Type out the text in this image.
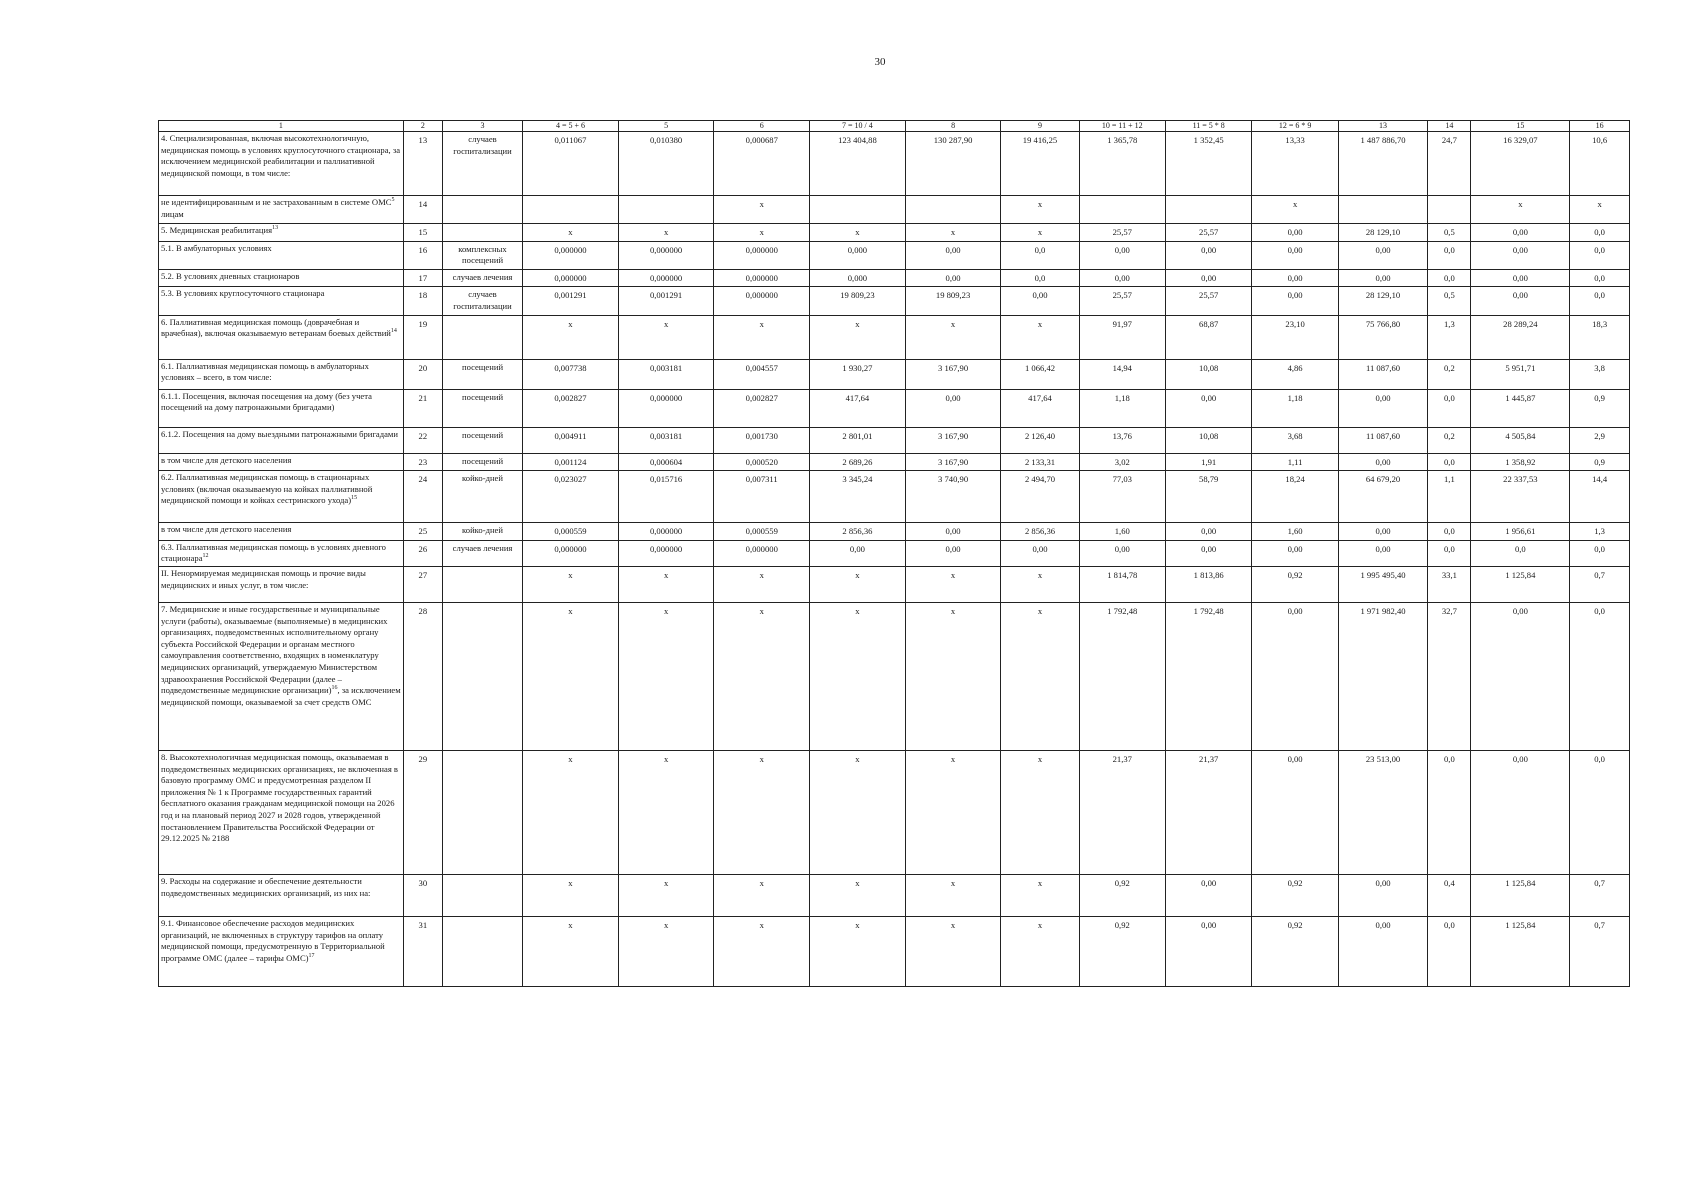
30
1	2	3	4 = 5 + 6	5	6	7 = 10 / 4	8	9	10 = 11 + 12	11 = 5 * 8	12 = 6 * 9	13	14	15	16
4. Специализированная, включая высокотехнологичную, медицинская помощь в условиях круглосуточного стационара, за исключением медицинской реабилитации и паллиативной медицинской помощи, в том числе:	13	случаев госпитализации	0,011067	0,010380	0,000687	123 404,88	130 287,90	19 416,25	1 365,78	1 352,45	13,33	1 487 886,70	24,7	16 329,07	10,6
не идентифицированным и не застрахованным в системе ОМС$^5$ лицам	14				x			x			x			x	x
5. Медицинская реабилитация$^{13}$	15		x	x	x	x	x	x	25,57	25,57	0,00	28 129,10	0,5	0,00	0,0
5.1. В амбулаторных условиях	16	комплексных посещений	0,000000	0,000000	0,000000	0,000	0,00	0,0	0,00	0,00	0,00	0,00	0,0	0,00	0,0
5.2. В условиях дневных стационаров	17	случаев лечения	0,000000	0,000000	0,000000	0,000	0,00	0,0	0,00	0,00	0,00	0,00	0,0	0,00	0,0
5.3. В условиях круглосуточного стационара	18	случаев госпитализации	0,001291	0,001291	0,000000	19 809,23	19 809,23	0,00	25,57	25,57	0,00	28 129,10	0,5	0,00	0,0
6. Паллиативная медицинская помощь (доврачебная и врачебная), включая оказываемую ветеранам боевых действий$^{14}$	19		x	x	x	x	x	x	91,97	68,87	23,10	75 766,80	1,3	28 289,24	18,3
6.1. Паллиативная медицинская помощь в амбулаторных условиях – всего, в том числе:	20	посещений	0,007738	0,003181	0,004557	1 930,27	3 167,90	1 066,42	14,94	10,08	4,86	11 087,60	0,2	5 951,71	3,8
6.1.1. Посещения, включая посещения на дому (без учета посещений на дому патронажными бригадами)	21	посещений	0,002827	0,000000	0,002827	417,64	0,00	417,64	1,18	0,00	1,18	0,00	0,0	1 445,87	0,9
6.1.2. Посещения на дому выездными патронажными бригадами	22	посещений	0,004911	0,003181	0,001730	2 801,01	3 167,90	2 126,40	13,76	10,08	3,68	11 087,60	0,2	4 505,84	2,9
в том числе для детского населения	23	посещений	0,001124	0,000604	0,000520	2 689,26	3 167,90	2 133,31	3,02	1,91	1,11	0,00	0,0	1 358,92	0,9
6.2. Паллиативная медицинская помощь в стационарных условиях (включая оказываемую на койках паллиативной медицинской помощи и койках сестринского ухода)$^{15}$	24	койко-дней	0,023027	0,015716	0,007311	3 345,24	3 740,90	2 494,70	77,03	58,79	18,24	64 679,20	1,1	22 337,53	14,4
в том числе для детского населения	25	койко-дней	0,000559	0,000000	0,000559	2 856,36	0,00	2 856,36	1,60	0,00	1,60	0,00	0,0	1 956,61	1,3
6.3. Паллиативная медицинская помощь в условиях дневного стационара$^{12}$	26	случаев лечения	0,000000	0,000000	0,000000	0,00	0,00	0,00	0,00	0,00	0,00	0,00	0,0	0,0	0,0
II. Ненормируемая медицинская помощь и прочие виды медицинских и иных услуг, в том числе:	27		x	x	x	x	x	x	1 814,78	1 813,86	0,92	1 995 495,40	33,1	1 125,84	0,7
7. Медицинские и иные государственные и муниципальные услуги (работы), оказываемые (выполняемые) в медицинских организациях, подведомственных исполнительному органу субъекта Российской Федерации и органам местного самоуправления соответственно, входящих в номенклатуру медицинских организаций, утверждаемую Министерством здравоохранения Российской Федерации (далее – подведомственные медицинские организации)$^{16}$, за исключением медицинской помощи, оказываемой за счет средств ОМС	28		x	x	x	x	x	x	1 792,48	1 792,48	0,00	1 971 982,40	32,7	0,00	0,0
8. Высокотехнологичная медицинская помощь, оказываемая в подведомственных медицинских организациях, не включенная в базовую программу ОМС и предусмотренная разделом II приложения № 1 к Программе государственных гарантий бесплатного оказания гражданам медицинской помощи на 2026 год и на плановый период 2027 и 2028 годов, утвержденной постановлением Правительства Российской Федерации от 29.12.2025 № 2188	29		x	x	x	x	x	x	21,37	21,37	0,00	23 513,00	0,0	0,00	0,0
9. Расходы на содержание и обеспечение деятельности подведомственных медицинских организаций, из них на:	30		x	x	x	x	x	x	0,92	0,00	0,92	0,00	0,4	1 125,84	0,7
9.1. Финансовое обеспечение расходов медицинских организаций, не включенных в структуру тарифов на оплату медицинской помощи, предусмотренную в Территориальной программе ОМС (далее – тарифы ОМС)$^{17}$	31		x	x	x	x	x	x	0,92	0,00	0,92	0,00	0,0	1 125,84	0,7
